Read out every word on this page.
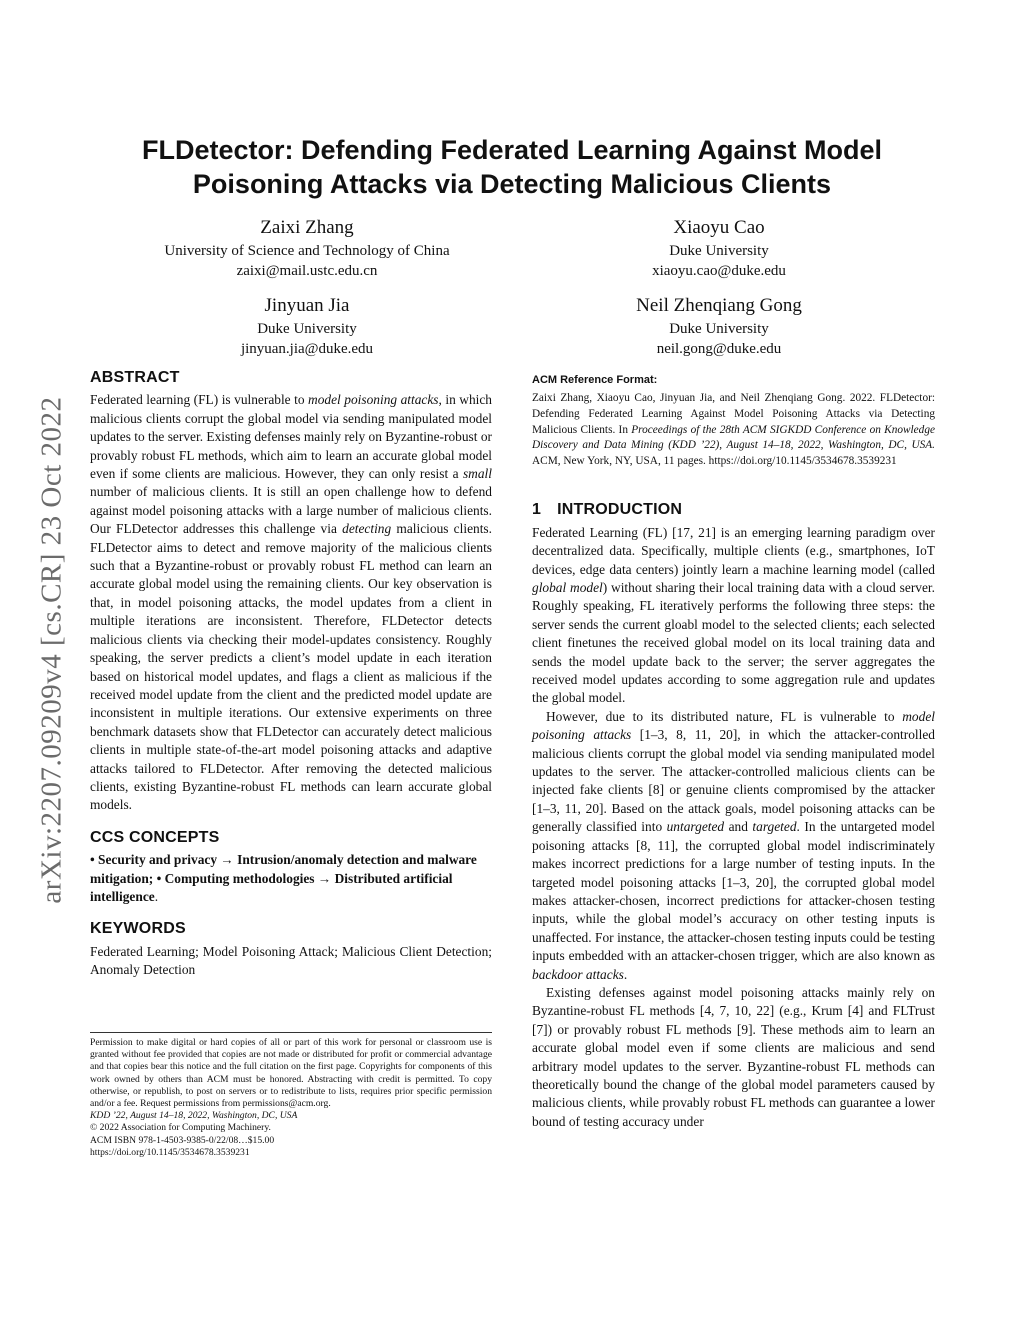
arXiv:2207.09209v4 [cs.CR] 23 Oct 2022
FLDetector: Defending Federated Learning Against Model
Poisoning Attacks via Detecting Malicious Clients
Zaixi Zhang
University of Science and Technology of China
zaixi@mail.ustc.edu.cn
Xiaoyu Cao
Duke University
xiaoyu.cao@duke.edu
Jinyuan Jia
Duke University
jinyuan.jia@duke.edu
Neil Zhenqiang Gong
Duke University
neil.gong@duke.edu
ABSTRACT

Federated learning (FL) is vulnerable to model poisoning attacks, in which malicious clients corrupt the global model via sending manipulated model updates to the server. Existing defenses mainly rely on Byzantine-robust or provably robust FL methods, which aim to learn an accurate global model even if some clients are malicious. However, they can only resist a small number of malicious clients. It is still an open challenge how to defend against model poisoning attacks with a large number of malicious clients. Our FLDetector addresses this challenge via detecting malicious clients. FLDetector aims to detect and remove majority of the malicious clients such that a Byzantine-robust or provably robust FL method can learn an accurate global model using the remaining clients. Our key observation is that, in model poisoning attacks, the model updates from a client in multiple iterations are inconsistent. Therefore, FLDetector detects malicious clients via checking their model-updates consistency. Roughly speaking, the server predicts a client’s model update in each iteration based on historical model updates, and flags a client as malicious if the received model update from the client and the predicted model update are inconsistent in multiple iterations. Our extensive experiments on three benchmark datasets show that FLDetector can accurately detect malicious clients in multiple state-of-the-art model poisoning attacks and adaptive attacks tailored to FLDetector. After removing the detected malicious clients, existing Byzantine-robust FL methods can learn accurate global models.

CCS CONCEPTS

• Security and privacy → Intrusion/anomaly detection and malware mitigation; • Computing methodologies → Distributed artificial intelligence.

KEYWORDS

Federated Learning; Model Poisoning Attack; Malicious Client Detection; Anomaly Detection

Permission to make digital or hard copies of all or part of this work for personal or classroom use is granted without fee provided that copies are not made or distributed for profit or commercial advantage and that copies bear this notice and the full citation on the first page. Copyrights for components of this work owned by others than ACM must be honored. Abstracting with credit is permitted. To copy otherwise, or republish, to post on servers or to redistribute to lists, requires prior specific permission and/or a fee. Request permissions from permissions@acm.org.
KDD ’22, August 14–18, 2022, Washington, DC, USA
© 2022 Association for Computing Machinery.
ACM ISBN 978-1-4503-9385-0/22/08…$15.00
https://doi.org/10.1145/3534678.3539231
ACM Reference Format:

Zaixi Zhang, Xiaoyu Cao, Jinyuan Jia, and Neil Zhenqiang Gong. 2022. FLDetector: Defending Federated Learning Against Model Poisoning Attacks via Detecting Malicious Clients. In Proceedings of the 28th ACM SIGKDD Conference on Knowledge Discovery and Data Mining (KDD ’22), August 14–18, 2022, Washington, DC, USA. ACM, New York, NY, USA, 11 pages. https://doi.org/10.1145/3534678.3539231

1 INTRODUCTION

Federated Learning (FL) [17, 21] is an emerging learning paradigm over decentralized data. Specifically, multiple clients (e.g., smartphones, IoT devices, edge data centers) jointly learn a machine learning model (called global model) without sharing their local training data with a cloud server. Roughly speaking, FL iteratively performs the following three steps: the server sends the current gloabl model to the selected clients; each selected client finetunes the received global model on its local training data and sends the model update back to the server; the server aggregates the received model updates according to some aggregation rule and updates the global model.

However, due to its distributed nature, FL is vulnerable to model poisoning attacks [1–3, 8, 11, 20], in which the attacker-controlled malicious clients corrupt the global model via sending manipulated model updates to the server. The attacker-controlled malicious clients can be injected fake clients [8] or genuine clients compromised by the attacker [1–3, 11, 20]. Based on the attack goals, model poisoning attacks can be generally classified into untargeted and targeted. In the untargeted model poisoning attacks [8, 11], the corrupted global model indiscriminately makes incorrect predictions for a large number of testing inputs. In the targeted model poisoning attacks [1–3, 20], the corrupted global model makes attacker-chosen, incorrect predictions for attacker-chosen testing inputs, while the global model’s accuracy on other testing inputs is unaffected. For instance, the attacker-chosen testing inputs could be testing inputs embedded with an attacker-chosen trigger, which are also known as backdoor attacks.

Existing defenses against model poisoning attacks mainly rely on Byzantine-robust FL methods [4, 7, 10, 22] (e.g., Krum [4] and FLTrust [7]) or provably robust FL methods [9]. These methods aim to learn an accurate global model even if some clients are malicious and send arbitrary model updates to the server. Byzantine-robust FL methods can theoretically bound the change of the global model parameters caused by malicious clients, while provably robust FL methods can guarantee a lower bound of testing accuracy under
